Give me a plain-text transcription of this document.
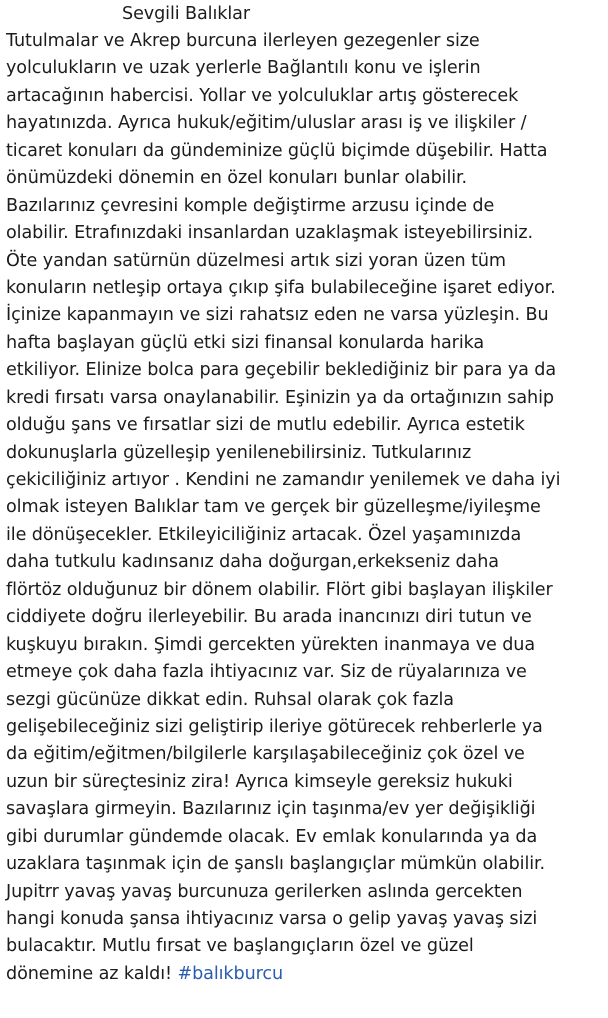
Sevgili Balıklar
Tutulmalar ve Akrep burcuna ilerleyen gezegenler size
yolculukların ve uzak yerlerle Bağlantılı konu ve işlerin
artacağının habercisi. Yollar ve yolculuklar artış gösterecek
hayatınızda. Ayrıca hukuk/eğitim/uluslar arası iş ve ilişkiler /
ticaret konuları da gündeminize güçlü biçimde düşebilir. Hatta
önümüzdeki dönemin en özel konuları bunlar olabilir.
Bazılarınız çevresini komple değiştirme arzusu içinde de
olabilir. Etrafınızdaki insanlardan uzaklaşmak isteyebilirsiniz.
Öte yandan satürnün düzelmesi artık sizi yoran üzen tüm
konuların netleşip ortaya çıkıp şifa bulabileceğine işaret ediyor.
İçinize kapanmayın ve sizi rahatsız eden ne varsa yüzleşin. Bu
hafta başlayan güçlü etki sizi finansal konularda harika
etkiliyor. Elinize bolca para geçebilir beklediğiniz bir para ya da
kredi fırsatı varsa onaylanabilir. Eşinizin ya da ortağınızın sahip
olduğu şans ve fırsatlar sizi de mutlu edebilir. Ayrıca estetik
dokunuşlarla güzelleşip yenilenebilirsiniz. Tutkularınız
çekiciliğiniz artıyor . Kendini ne zamandır yenilemek ve daha iyi
olmak isteyen Balıklar tam ve gerçek bir güzelleşme/iyileşme
ile dönüşecekler. Etkileyiciliğiniz artacak. Özel yaşamınızda
daha tutkulu kadınsanız daha doğurgan,erkekseniz daha
flörtöz olduğunuz bir dönem olabilir. Flört gibi başlayan ilişkiler
ciddiyete doğru ilerleyebilir. Bu arada inancınızı diri tutun ve
kuşkuyu bırakın. Şimdi gercekten yürekten inanmaya ve dua
etmeye çok daha fazla ihtiyacınız var. Siz de rüyalarınıza ve
sezgi gücünüze dikkat edin. Ruhsal olarak çok fazla
gelişebileceğiniz sizi geliştirip ileriye götürecek rehberlerle ya
da eğitim/eğitmen/bilgilerle karşılaşabileceğiniz çok özel ve
uzun bir süreçtesiniz zira! Ayrıca kimseyle gereksiz hukuki
savaşlara girmeyin. Bazılarınız için taşınma/ev yer değişikliği
gibi durumlar gündemde olacak. Ev emlak konularında ya da
uzaklara taşınmak için de şanslı başlangıçlar mümkün olabilir.
Jupitrr yavaş yavaş burcunuza gerilerken aslında gercekten
hangi konuda şansa ihtiyacınız varsa o gelip yavaş yavaş sizi
bulacaktır. Mutlu fırsat ve başlangıçların özel ve güzel
dönemine az kaldı! #balıkburcu
